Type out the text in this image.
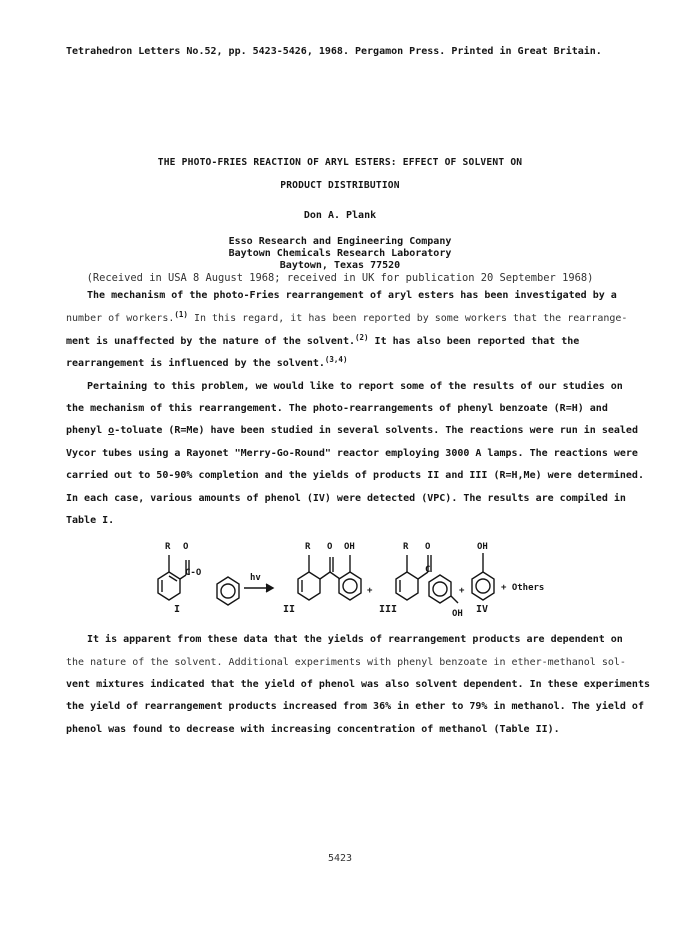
Tetrahedron Letters No.52, pp. 5423-5426, 1968. Pergamon Press. Printed in Great Britain.
THE PHOTO-FRIES REACTION OF ARYL ESTERS: EFFECT OF SOLVENT ON
PRODUCT DISTRIBUTION
Don A. Plank
Esso Research and Engineering Company
Baytown Chemicals Research Laboratory
Baytown, Texas 77520
(Received in USA 8 August 1968; received in UK for publication 20 September 1968)
The mechanism of the photo-Fries rearrangement of aryl esters has been investigated by a
number of workers.$^{(1)}$ In this regard, it has been reported by some workers that the rearrange-
ment is unaffected by the nature of the solvent.$^{(2)}$ It has also been reported that the
rearrangement is influenced by the solvent.$^{(3,4)}$
Pertaining to this problem, we would like to report some of the results of our studies on
the mechanism of this rearrangement. The photo-rearrangements of phenyl benzoate (R=H) and
phenyl o-toluate (R=Me) have been studied in several solvents. The reactions were run in sealed
Vycor tubes using a Rayonet "Merry-Go-Round" reactor employing 3000 A lamps. The reactions were
carried out to 50-90% completion and the yields of products II and III (R=H,Me) were determined.
In each case, various amounts of phenol (IV) were detected (VPC). The results are compiled in
Table I.
R O
C-O	hv
R O OH
+
R O
C
OH
+
OH
+ Others
I	II	III	IV
It is apparent from these data that the yields of rearrangement products are dependent on
the nature of the solvent. Additional experiments with phenyl benzoate in ether-methanol sol-
vent mixtures indicated that the yield of phenol was also solvent dependent. In these experiments
the yield of rearrangement products increased from 36% in ether to 79% in methanol. The yield of
phenol was found to decrease with increasing concentration of methanol (Table II).
5423
